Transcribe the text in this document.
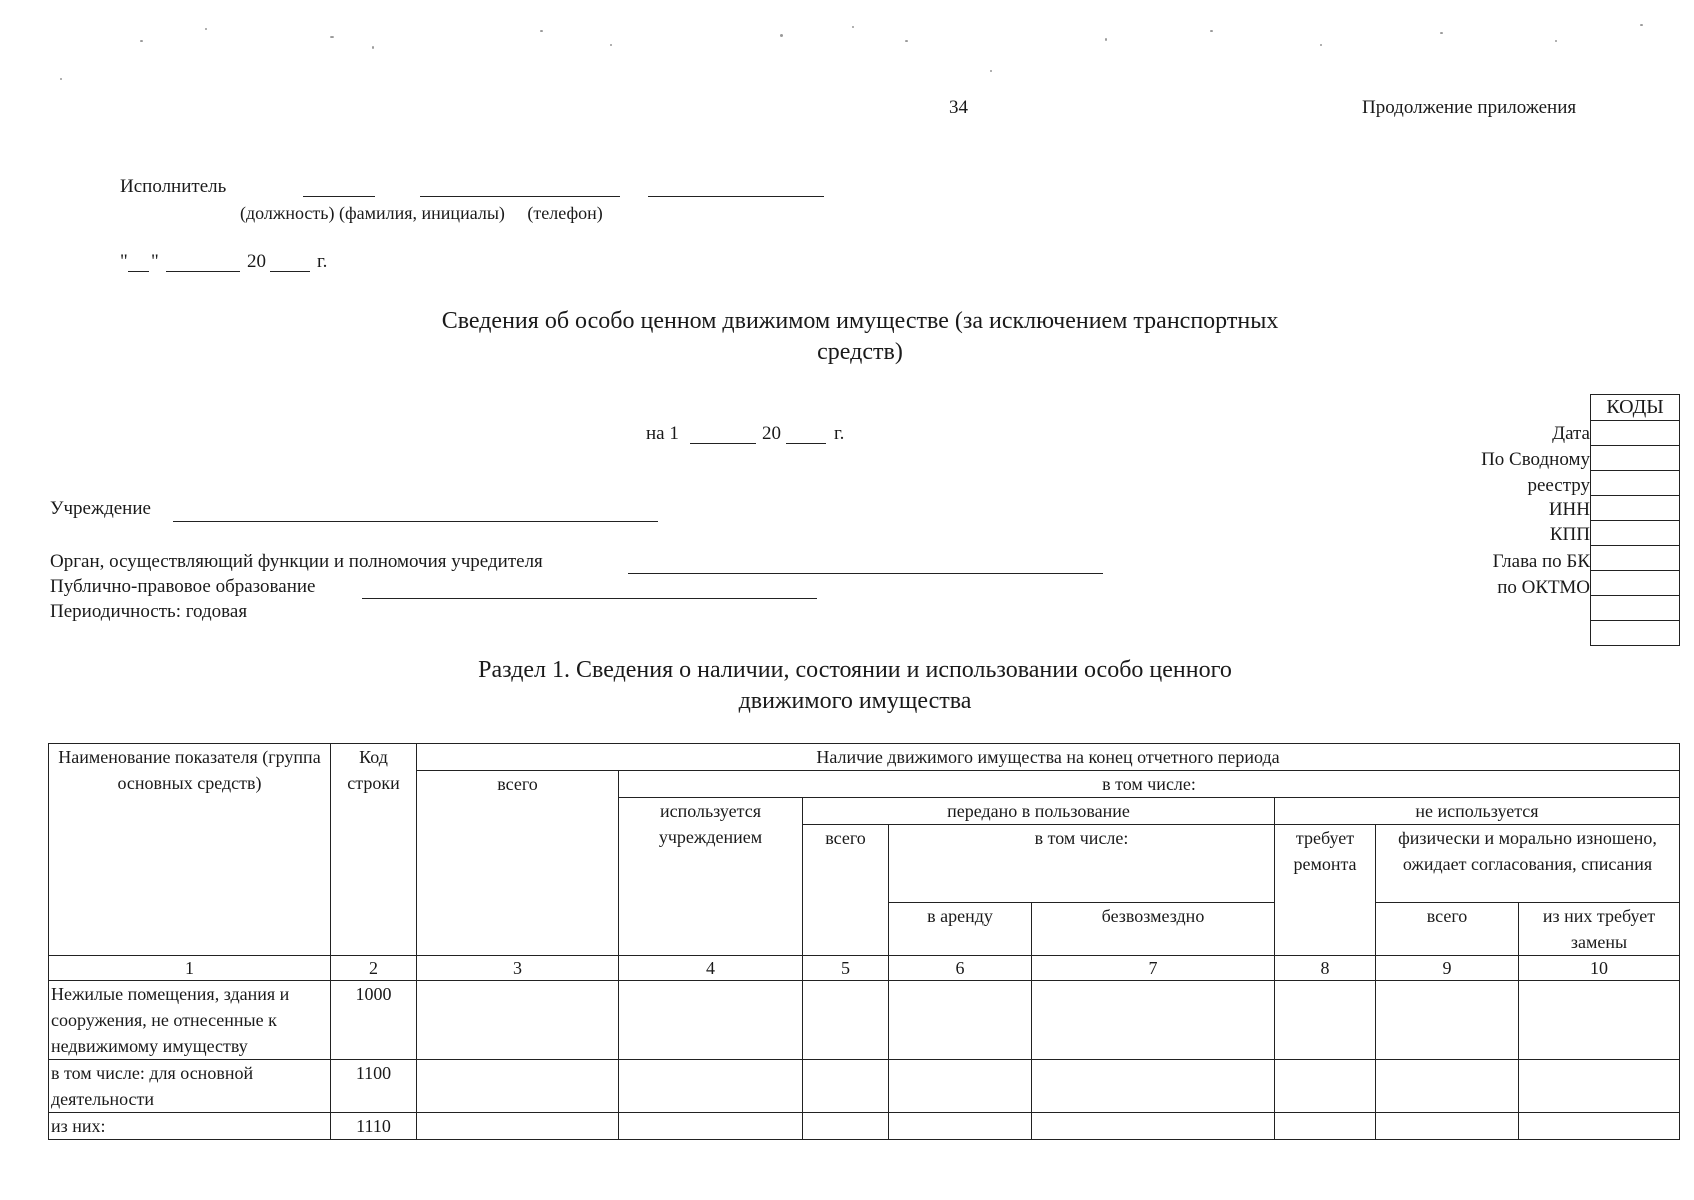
34	Продолжение приложения
Исполнитель
(должность) (фамилия, инициалы)     (телефон)
" "	20	г.
Сведения об особо ценном движимом имуществе (за исключением транспортных
средств)
на 1	20	г.
КОДЫ
Дата
По Сводному
реестру
ИНН
КПП
Глава по БК
по ОКТМО
Учреждение
Орган, осуществляющий функции и полномочия учредителя
Публично-правовое образование
Периодичность: годовая
Раздел 1. Сведения о наличии, состоянии и использовании особо ценного
движимого имущества
Наименование показателя (группа основных средств)	Код строки	Наличие движимого имущества на конец отчетного периода							
		всего	в том числе:						
			используется учреждением	передано в пользование			не используется		
				всего	в том числе:		требует ремонта	физически и морально изношено, ожидает согласования, списания	

					в аренду	безвозмездно		всего	из них требует замены
1	2	3	4	5	6	7	8	9	10
Нежилые помещения, здания и сооружения, не отнесенные к недвижимому имуществу	1000								
в том числе: для основной деятельности	1100								
из них:	1110								
